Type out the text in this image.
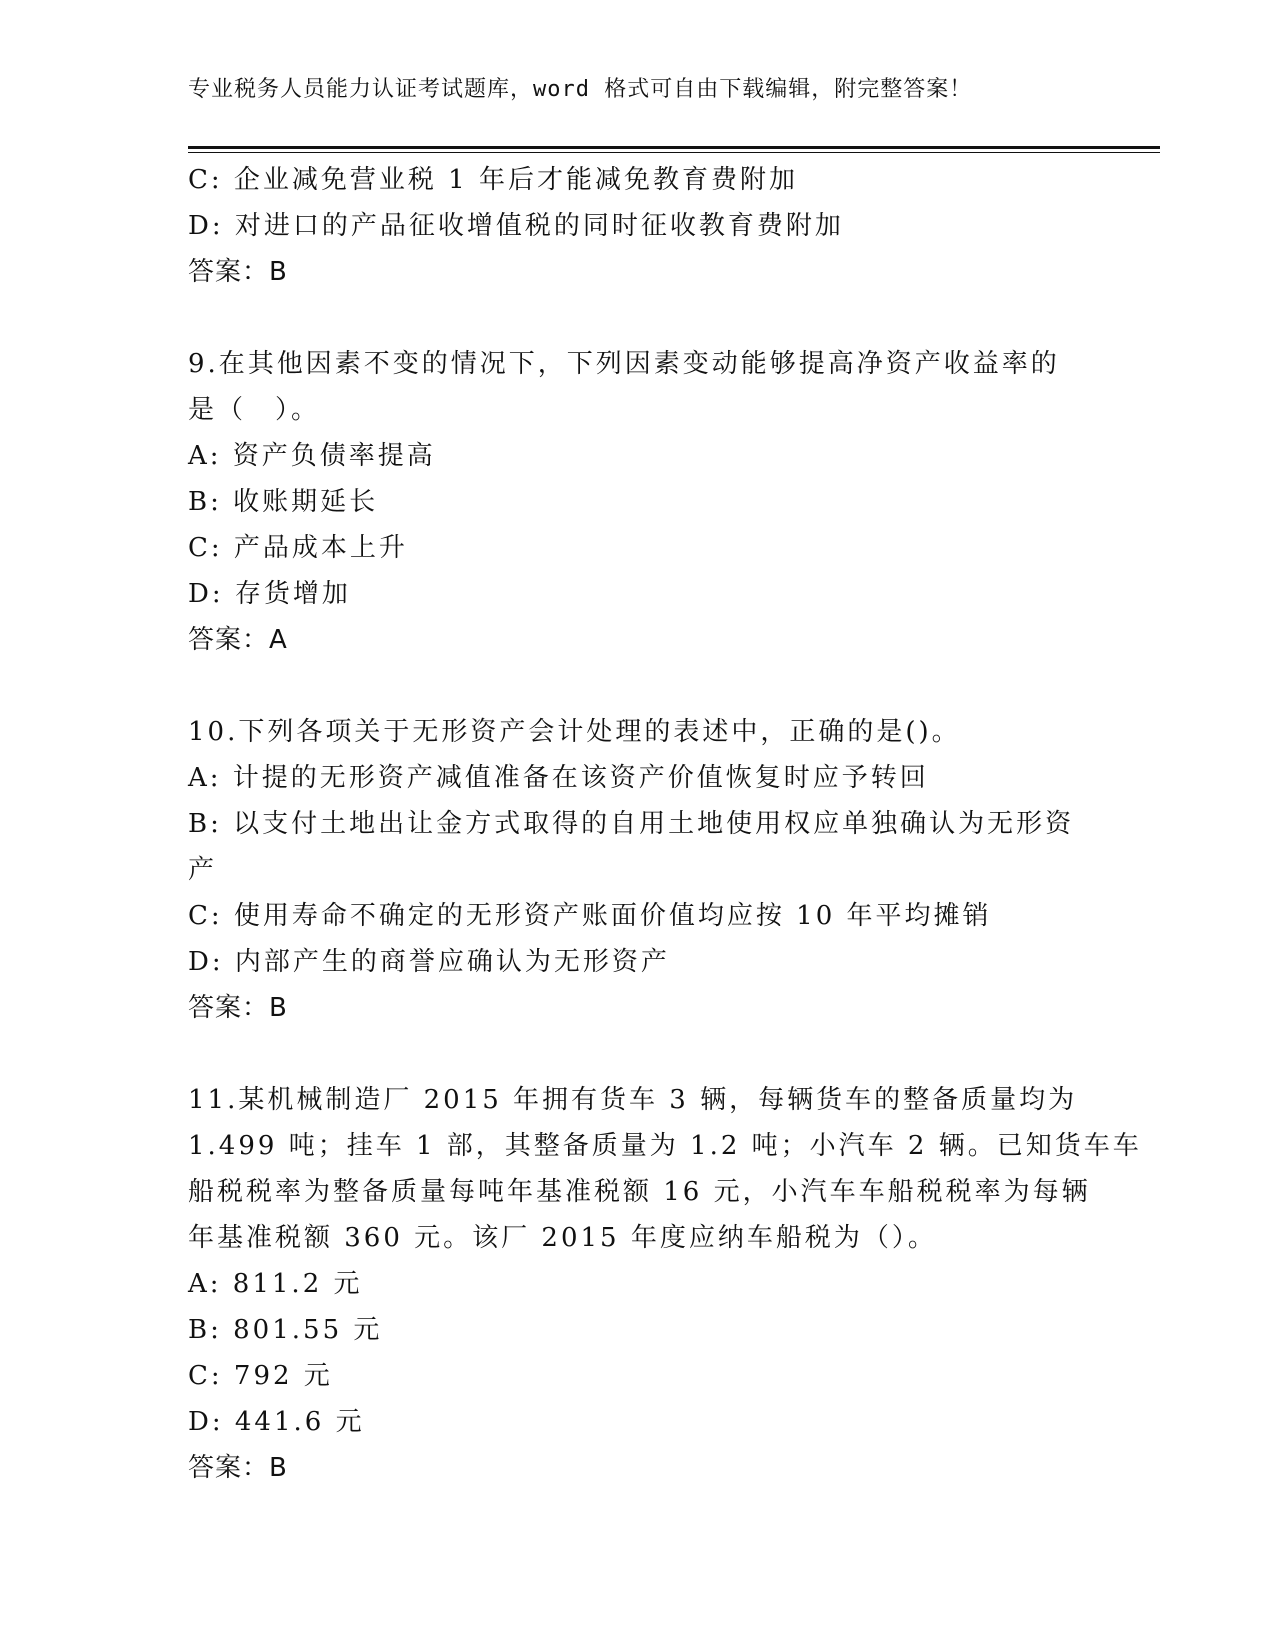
专业税务人员能力认证考试题库，word 格式可自由下载编辑，附完整答案！
C: 企业减免营业税 1 年后才能减免教育费附加
D: 对进口的产品征收增值税的同时征收教育费附加
答案：B
9.在其他因素不变的情况下，下列因素变动能够提高净资产收益率的
是（　）。
A: 资产负债率提高
B: 收账期延长
C: 产品成本上升
D: 存货增加
答案：A
10.下列各项关于无形资产会计处理的表述中，正确的是()。
A: 计提的无形资产减值准备在该资产价值恢复时应予转回
B: 以支付土地出让金方式取得的自用土地使用权应单独确认为无形资
产
C: 使用寿命不确定的无形资产账面价值均应按 10 年平均摊销
D: 内部产生的商誉应确认为无形资产
答案：B
11.某机械制造厂 2015 年拥有货车 3 辆，每辆货车的整备质量均为
1.499 吨；挂车 1 部，其整备质量为 1.2 吨；小汽车 2 辆。已知货车车
船税税率为整备质量每吨年基准税额 16 元，小汽车车船税税率为每辆
年基准税额 360 元。该厂 2015 年度应纳车船税为（）。
A: 811.2 元
B: 801.55 元
C: 792 元
D: 441.6 元
答案：B
